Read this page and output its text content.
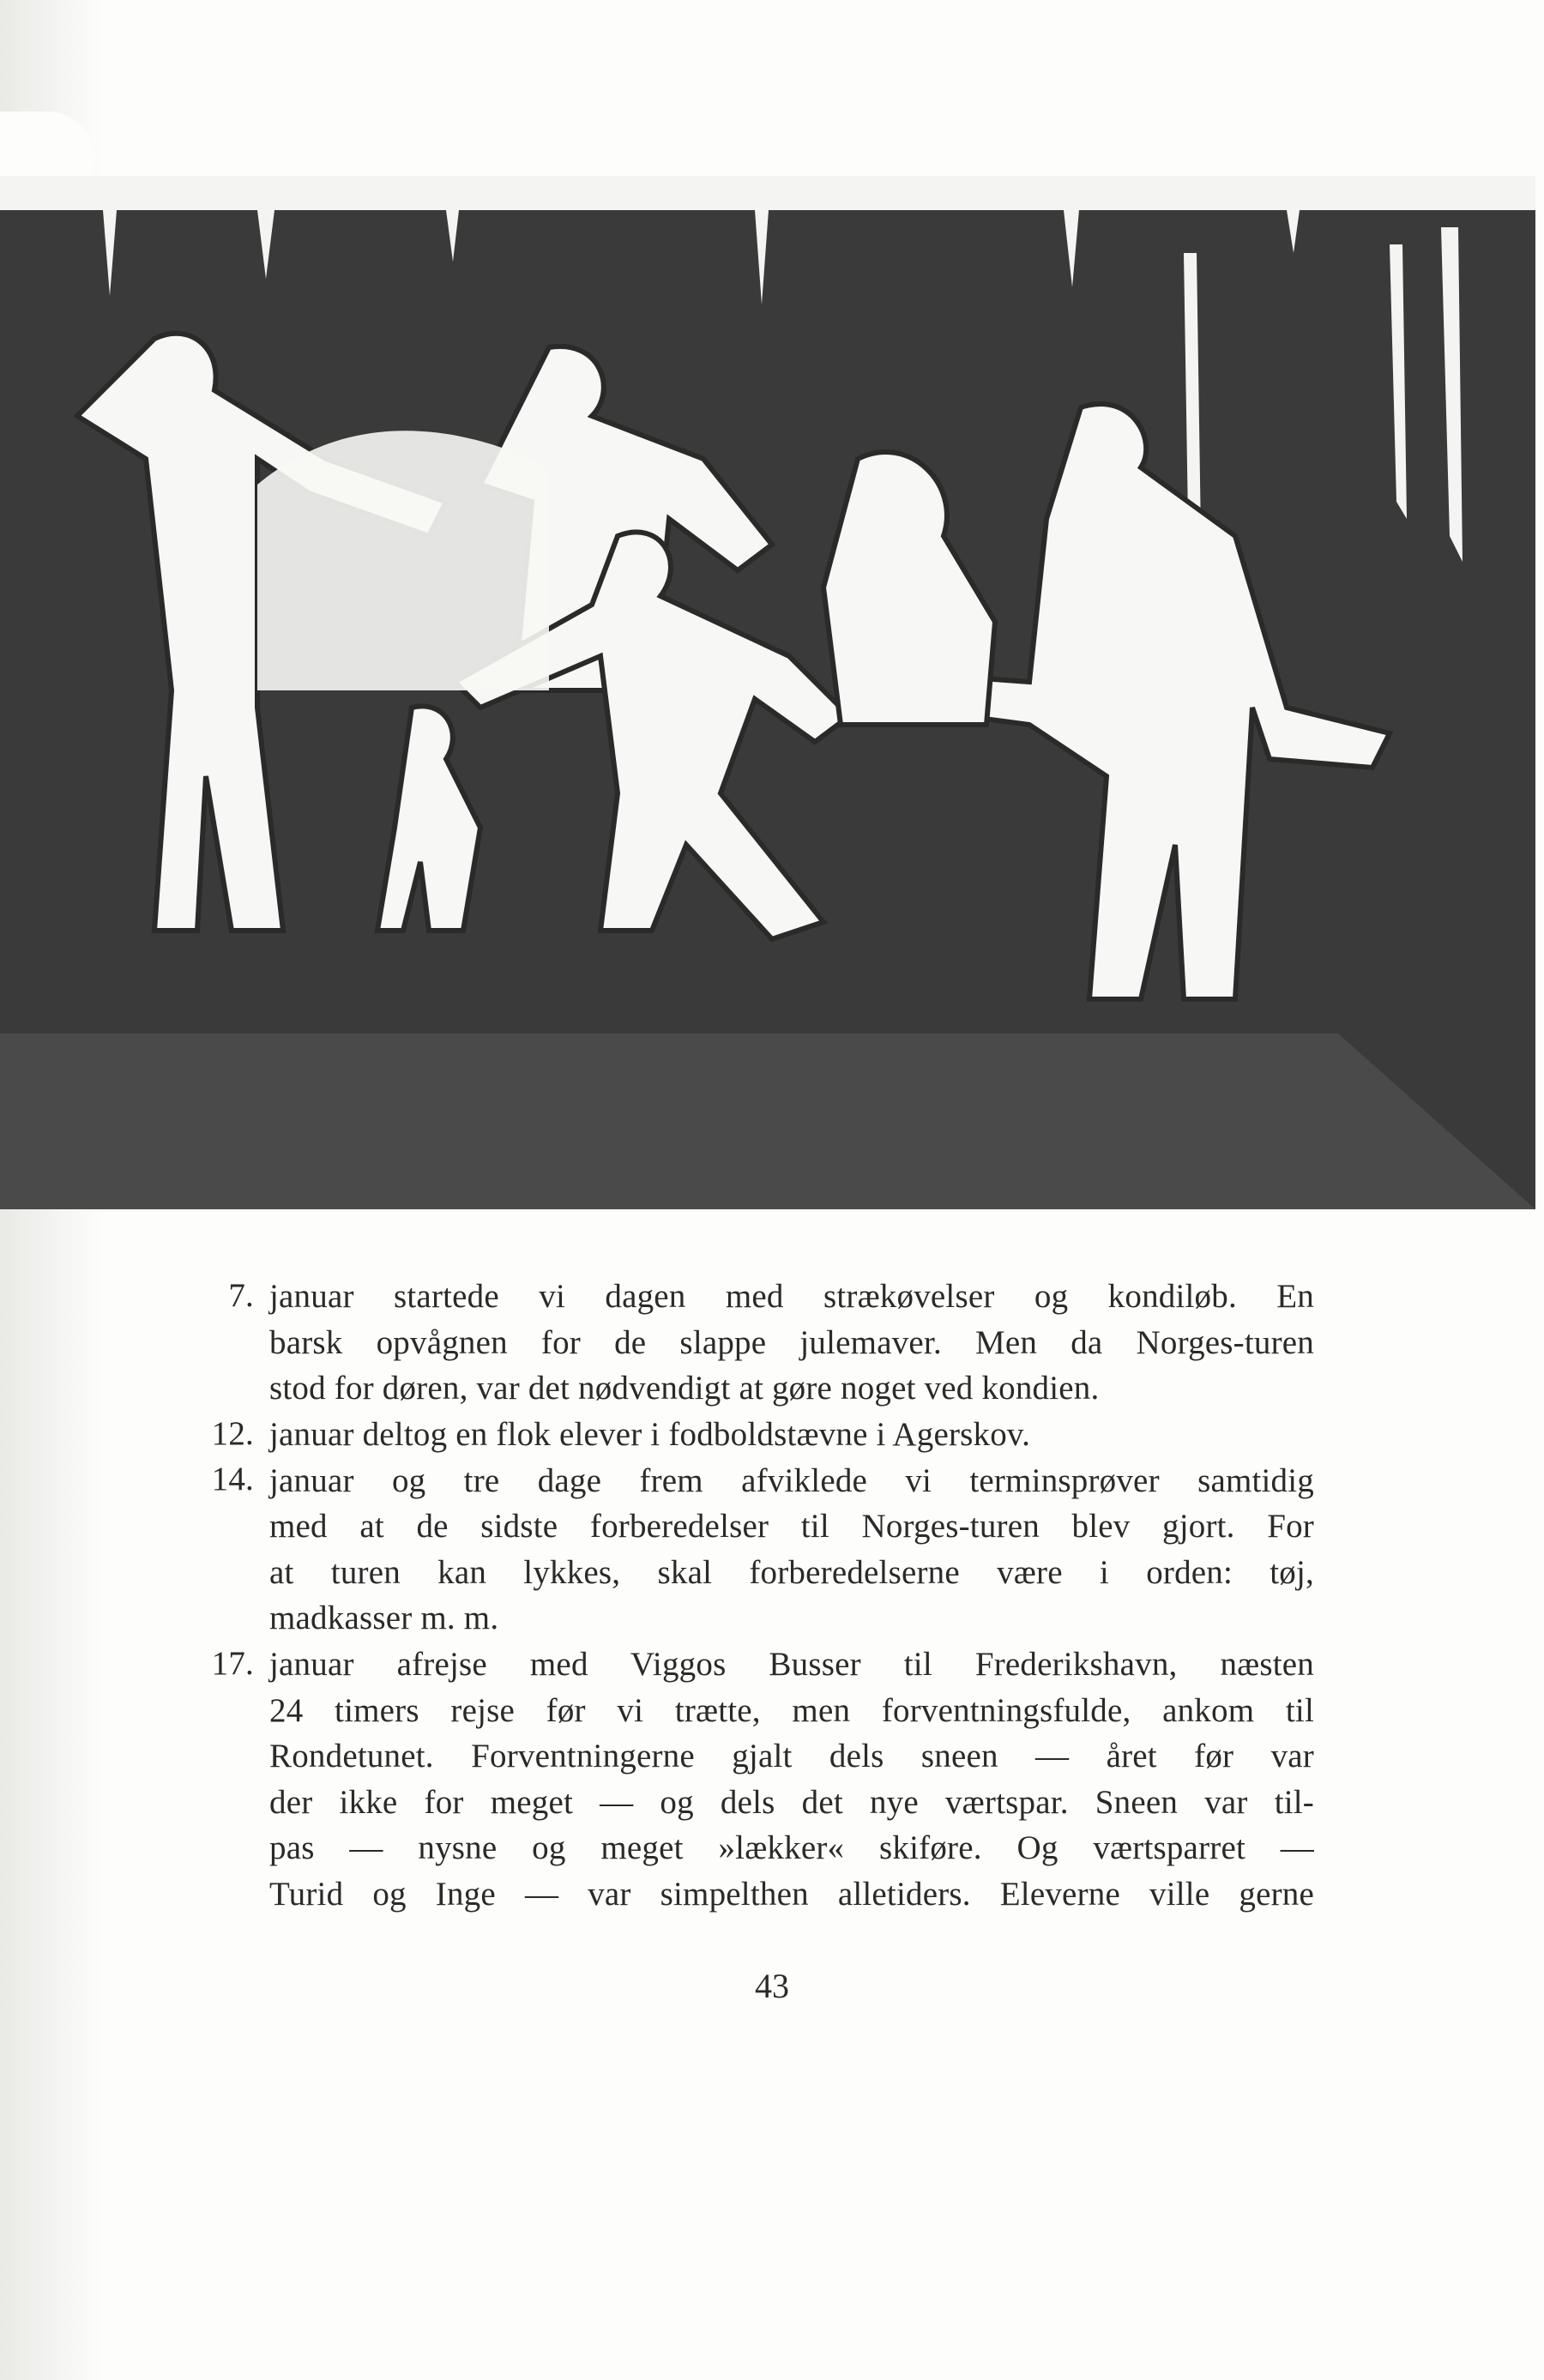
7. januar startede vi dagen med strækøvelser og kondiløb. En
barsk opvågnen for de slappe julemaver. Men da Norges-turen
stod for døren, var det nødvendigt at gøre noget ved kondien.
12. januar deltog en flok elever i fodboldstævne i Agerskov.
14. januar og tre dage frem afviklede vi terminsprøver samtidig
med at de sidste forberedelser til Norges-turen blev gjort. For
at turen kan lykkes, skal forberedelserne være i orden: tøj,
madkasser m. m.
17. januar afrejse med Viggos Busser til Frederikshavn, næsten
24 timers rejse før vi trætte, men forventningsfulde, ankom til
Rondetunet. Forventningerne gjalt dels sneen — året før var
der ikke for meget — og dels det nye værtspar. Sneen var til-
pas — nysne og meget »lækker« skiføre. Og værtsparret —
Turid og Inge — var simpelthen alletiders. Eleverne ville gerne
43
